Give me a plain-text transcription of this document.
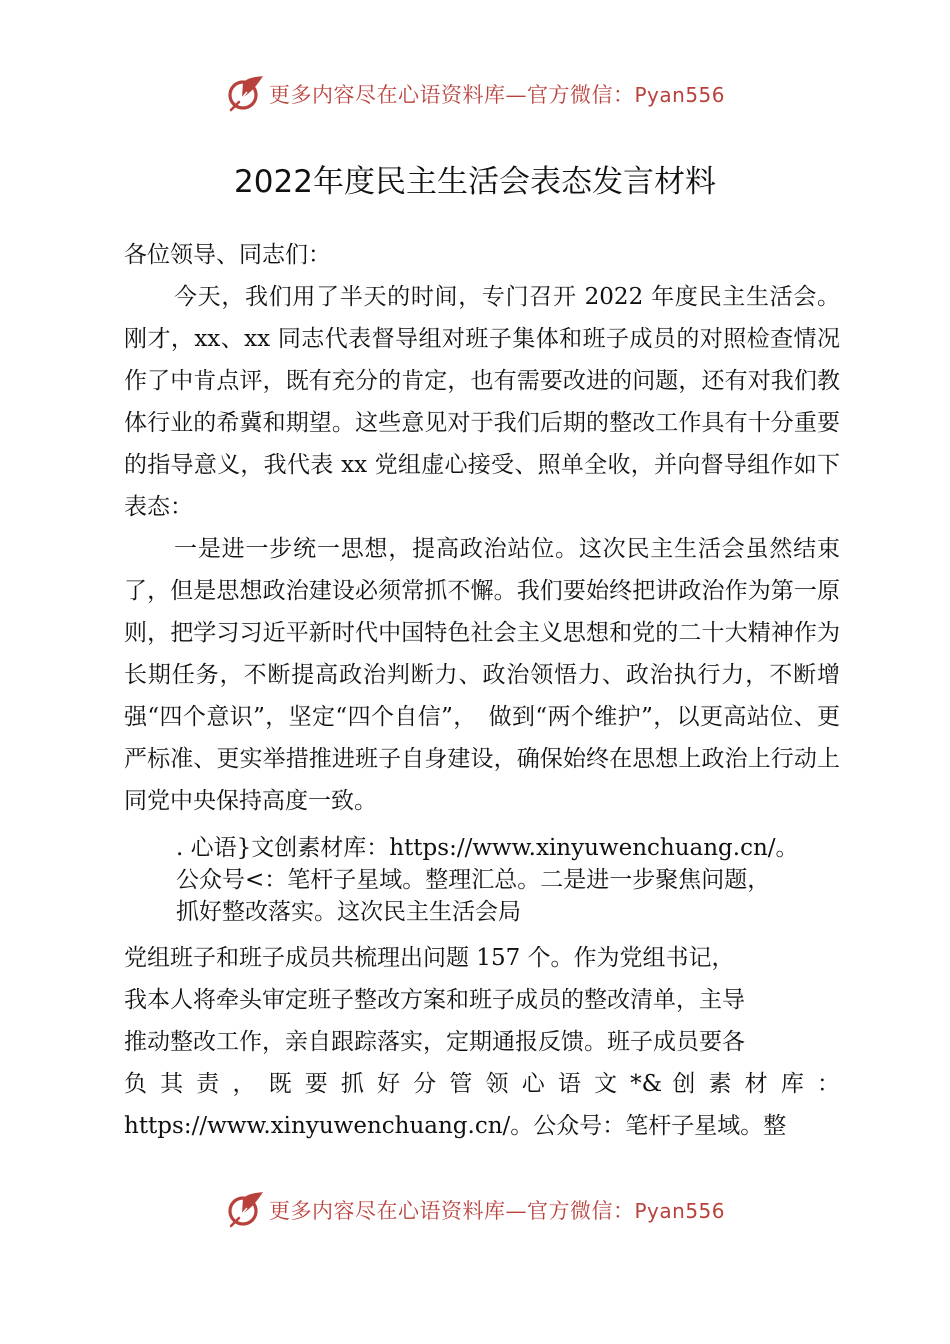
更多内容尽在心语资料库—官方微信：Pyan556
2022年度民主生活会表态发言材料

各位领导、同志们：

今天，我们用了半天的时间，专门召开 2022 年度民主生活会。刚才，xx、xx 同志代表督导组对班子集体和班子成员的对照检查情况作了中肯点评，既有充分的肯定，也有需要改进的问题，还有对我们教体行业的希冀和期望。这些意见对于我们后期的整改工作具有十分重要的指导意义，我代表 xx 党组虚心接受、照单全收，并向督导组作如下表态：

一是进一步统一思想，提高政治站位。这次民主生活会虽然结束了，但是思想政治建设必须常抓不懈。我们要始终把讲政治作为第一原则，把学习习近平新时代中国特色社会主义思想和党的二十大精神作为长期任务，不断提高政治判断力、政治领悟力、政治执行力，不断增强“四个意识”，坚定“四个自信”，　做到“两个维护”，以更高站位、更严标准、更实举措推进班子自身建设，确保始终在思想上政治上行动上同党中央保持高度一致。

. 心语}文创素材库：https://www.xinyuwenchuang.cn/。
公众号<：笔杆子星域。整理汇总。二是进一步聚焦问题，
抓好整改落实。这次民主生活会局
党组班子和班子成员共梳理出问题 157 个。作为党组书记，
我本人将牵头审定班子整改方案和班子成员的整改清单，主导
推动整改工作，亲自跟踪落实，定期通报反馈。班子成员要各
负 其 责 ， 既 要 抓 好 分 管 领 心 语 文 *& 创 素 材 库 ：
https://www.xinyuwenchuang.cn/。公众号：笔杆子星域。整
更多内容尽在心语资料库—官方微信：Pyan556
